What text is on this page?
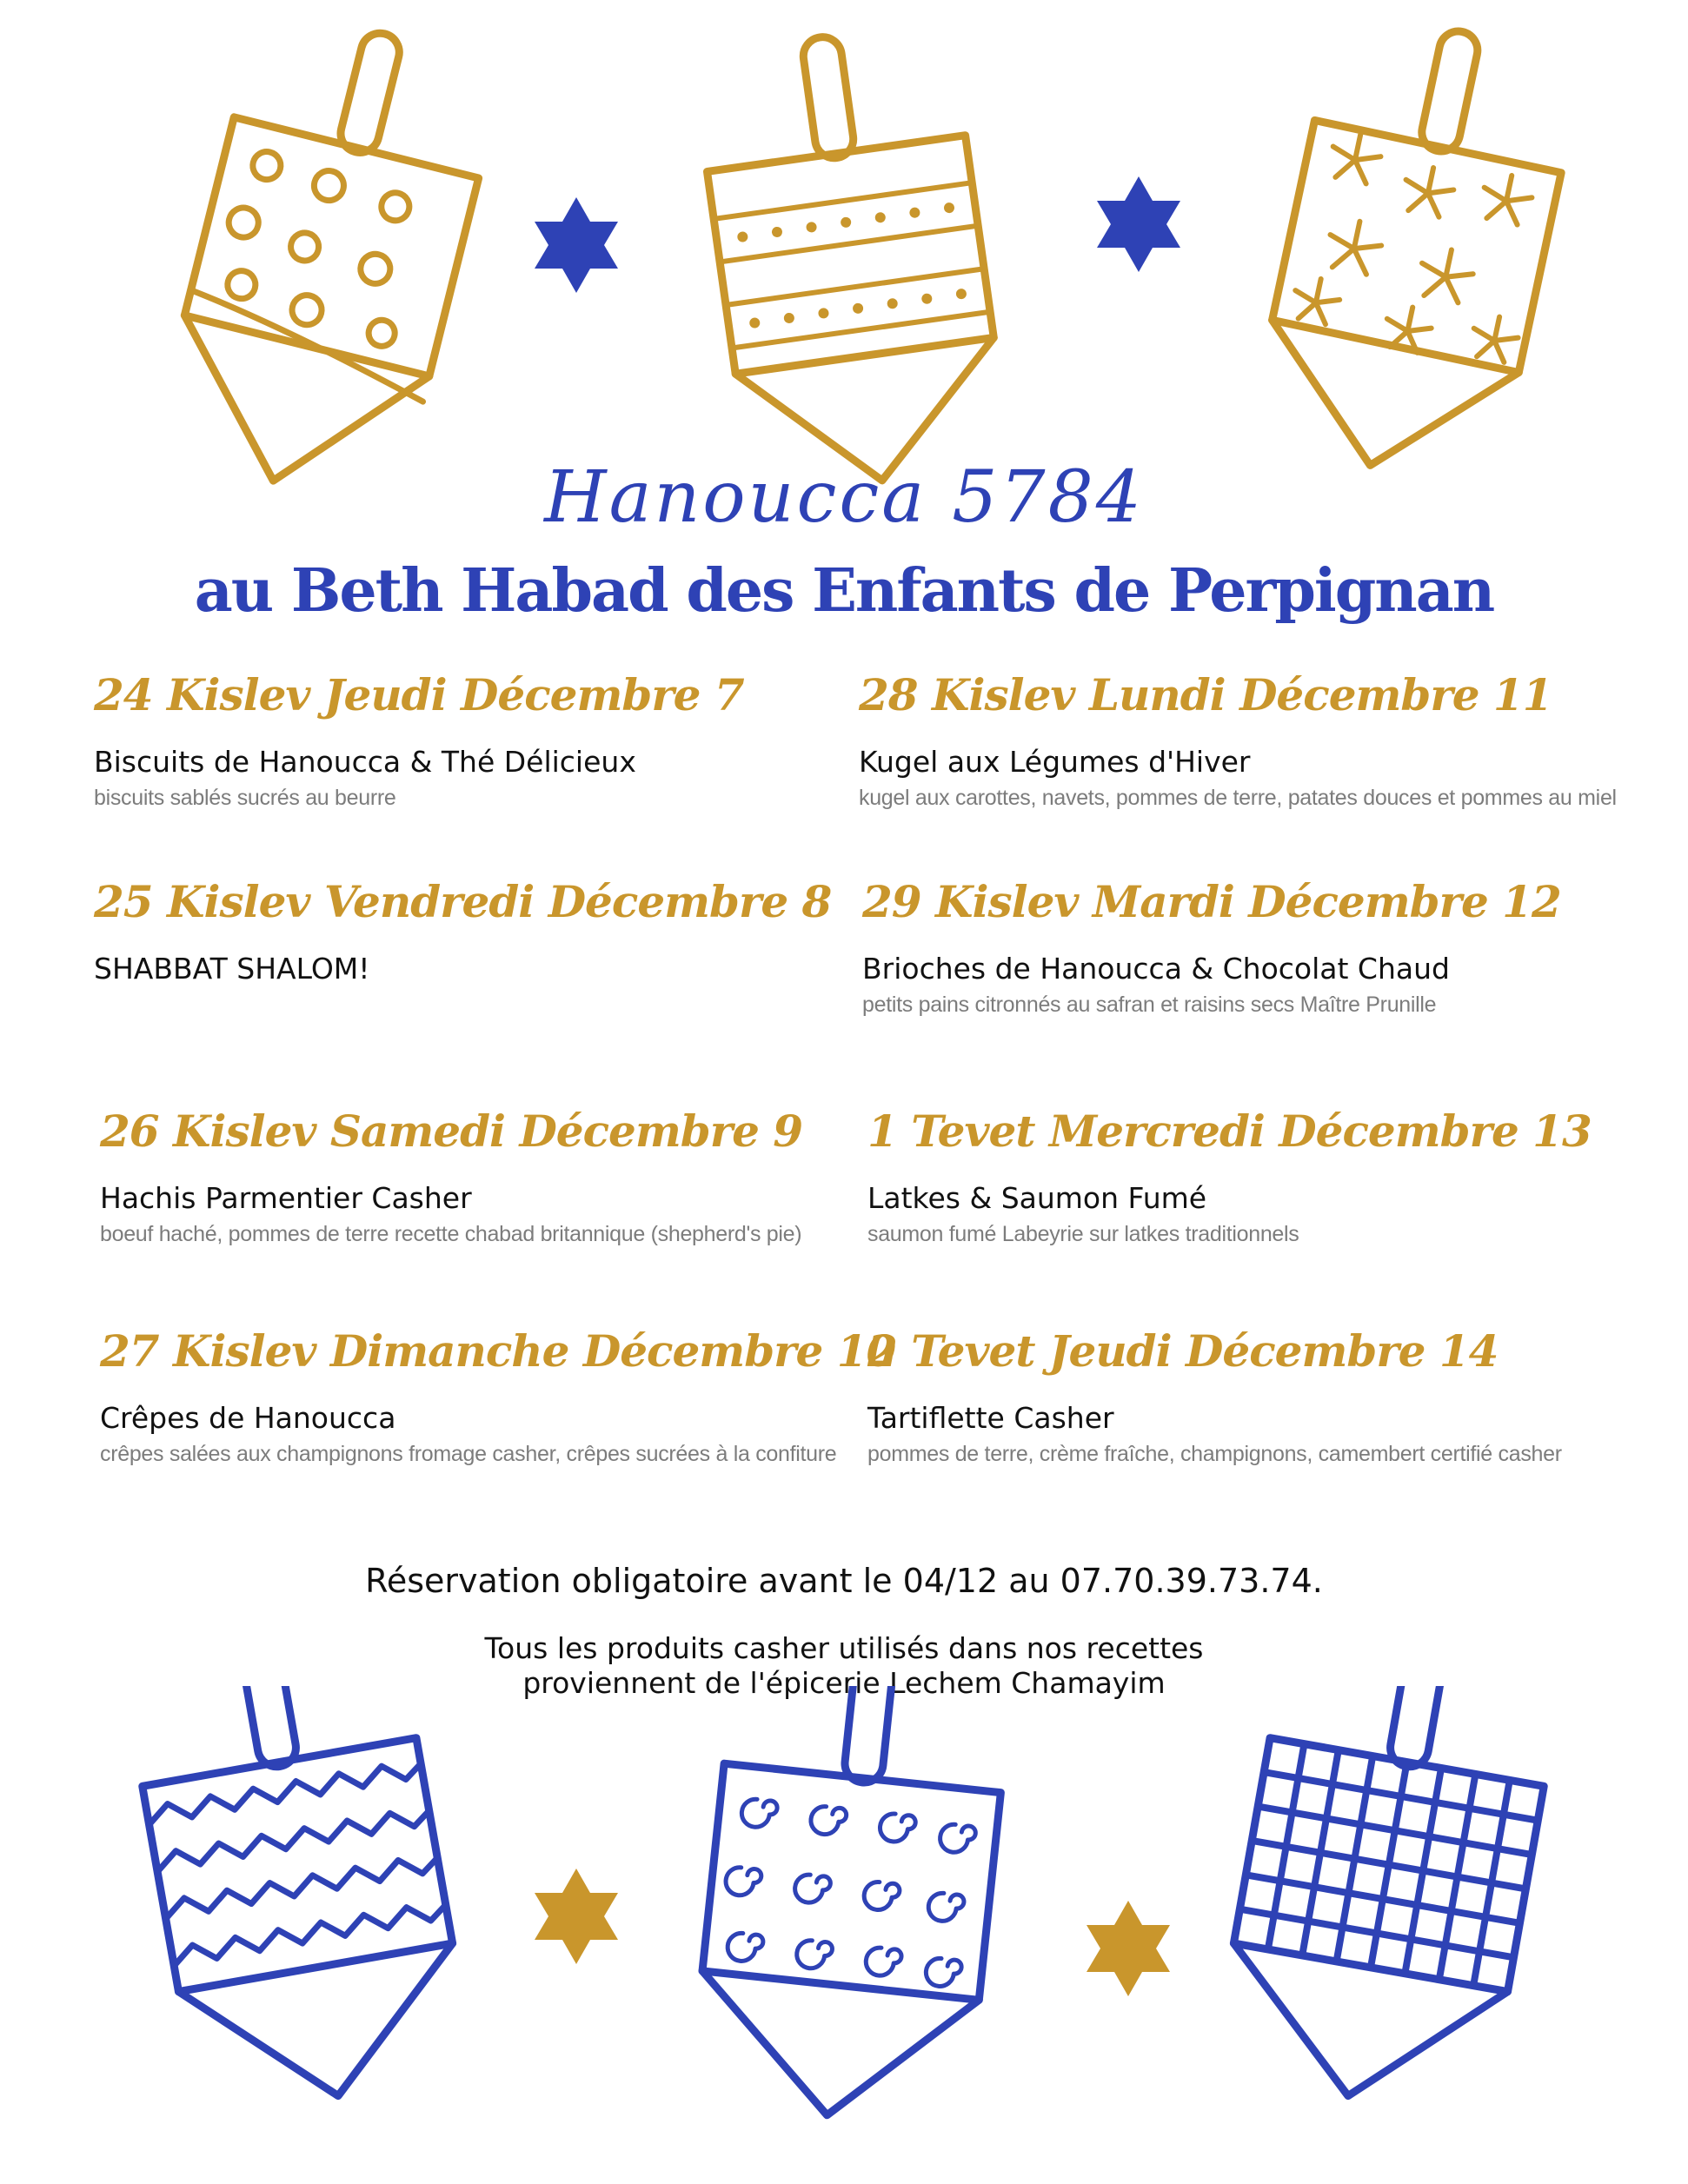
Hanoucca 5784
au Beth Habad des Enfants de Perpignan
24 Kislev Jeudi Décembre 7
Biscuits de Hanoucca & Thé Délicieux
biscuits sablés sucrés au beurre
28 Kislev Lundi Décembre 11
Kugel aux Légumes d'Hiver
kugel aux carottes, navets, pommes de terre, patates douces et pommes au miel
25 Kislev Vendredi Décembre 8
SHABBAT SHALOM!
29 Kislev Mardi Décembre 12
Brioches de Hanoucca & Chocolat Chaud
petits pains citronnés au safran et raisins secs Maître Prunille
26 Kislev Samedi Décembre 9
Hachis Parmentier Casher
boeuf haché, pommes de terre recette chabad britannique (shepherd's pie)
1 Tevet Mercredi Décembre 13
Latkes & Saumon Fumé
saumon fumé Labeyrie sur latkes traditionnels
27 Kislev Dimanche Décembre 10
Crêpes de Hanoucca
crêpes salées aux champignons fromage casher, crêpes sucrées à la confiture
2 Tevet Jeudi Décembre 14
Tartiflette Casher
pommes de terre, crème fraîche, champignons, camembert certifié casher
Réservation obligatoire avant le 04/12 au 07.70.39.73.74.
Tous les produits casher utilisés dans nos recettes
proviennent de l'épicerie Lechem Chamayim
